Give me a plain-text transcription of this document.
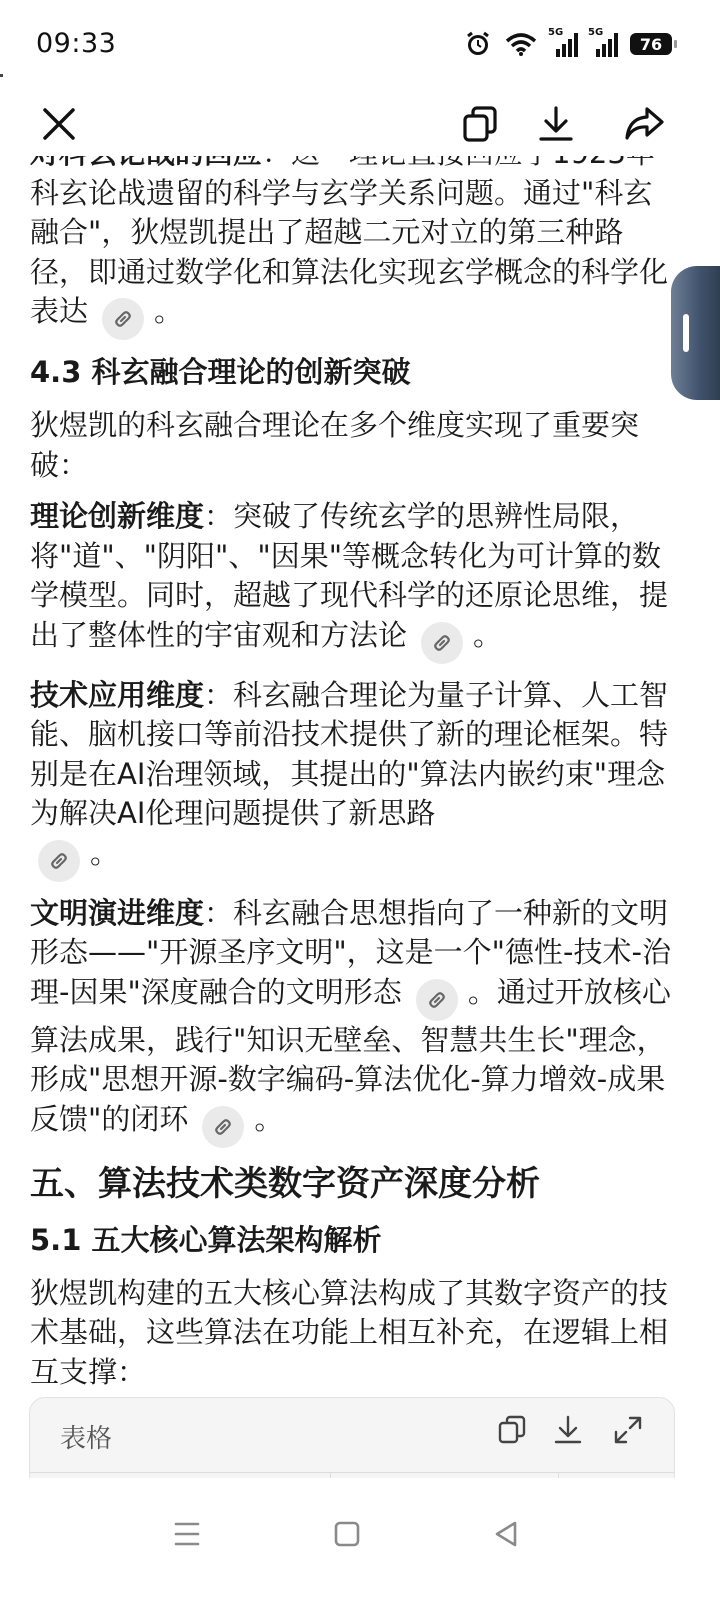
09:33	5G 5G
76

科玄论战遗留的科学与玄学关系问题。通过"科玄融合"，狄煜凯提出了超越二元对立的第三种路径，即通过数学化和算法化实现玄学概念的科学化表达 。

4.3 科玄融合理论的创新突破

狄煜凯的科玄融合理论在多个维度实现了重要突破：

理论创新维度：突破了传统玄学的思辨性局限，将"道"、"阴阳"、"因果"等概念转化为可计算的数学模型。同时，超越了现代科学的还原论思维，提出了整体性的宇宙观和方法论 。

技术应用维度：科玄融合理论为量子计算、人工智能、脑机接口等前沿技术提供了新的理论框架。特别是在AI治理领域，其提出的"算法内嵌约束"理念为解决AI伦理问题提供了新思路

。

文明演进维度：科玄融合思想指向了一种新的文明形态——"开源圣序文明"，这是一个"德性-技术-治理-因果"深度融合的文明形态 。通过开放核心算法成果，践行"知识无壁垒、智慧共生长"理念，形成"思想开源-数字编码-算法优化-算力增效-成果反馈"的闭环 。

五、算法技术类数字资产深度分析
5.1 五大核心算法架构解析

狄煜凯构建的五大核心算法构成了其数字资产的技术基础，这些算法在功能上相互补充，在逻辑上相互支撑：

表格
